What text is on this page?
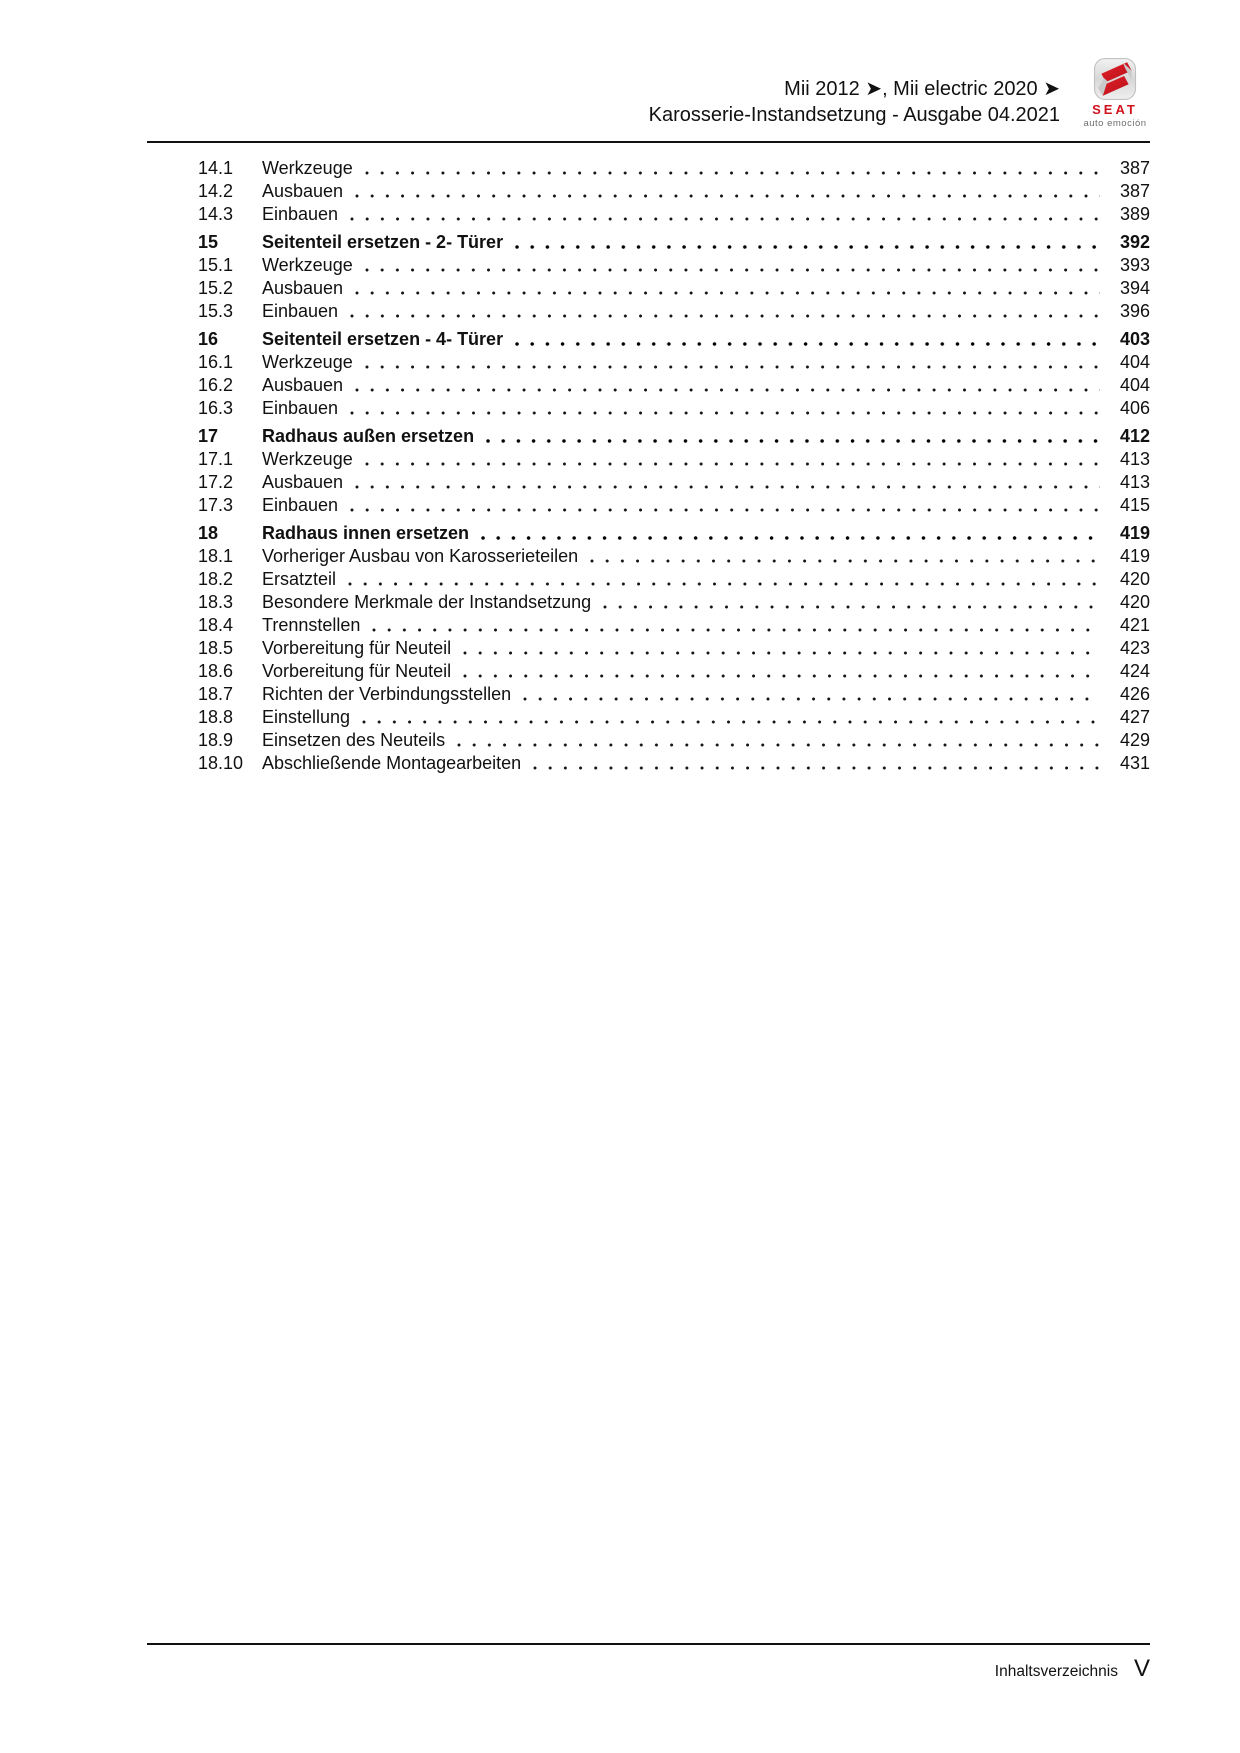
Mii 2012 ➤, Mii electric 2020 ➤
Karosserie-Instandsetzung - Ausgabe 04.2021	SEAT
auto emoción
14.1	Werkzeuge	387
14.2	Ausbauen	387
14.3	Einbauen	389
15	Seitenteil ersetzen - 2- Türer	392
15.1	Werkzeuge	393
15.2	Ausbauen	394
15.3	Einbauen	396
16	Seitenteil ersetzen - 4- Türer	403
16.1	Werkzeuge	404
16.2	Ausbauen	404
16.3	Einbauen	406
17	Radhaus außen ersetzen	412
17.1	Werkzeuge	413
17.2	Ausbauen	413
17.3	Einbauen	415
18	Radhaus innen ersetzen	419
18.1	Vorheriger Ausbau von Karosserieteilen	419
18.2	Ersatzteil	420
18.3	Besondere Merkmale der Instandsetzung	420
18.4	Trennstellen	421
18.5	Vorbereitung für Neuteil	423
18.6	Vorbereitung für Neuteil	424
18.7	Richten der Verbindungsstellen	426
18.8	Einstellung	427
18.9	Einsetzen des Neuteils	429
18.10	Abschließende Montagearbeiten	431
Inhaltsverzeichnis V
